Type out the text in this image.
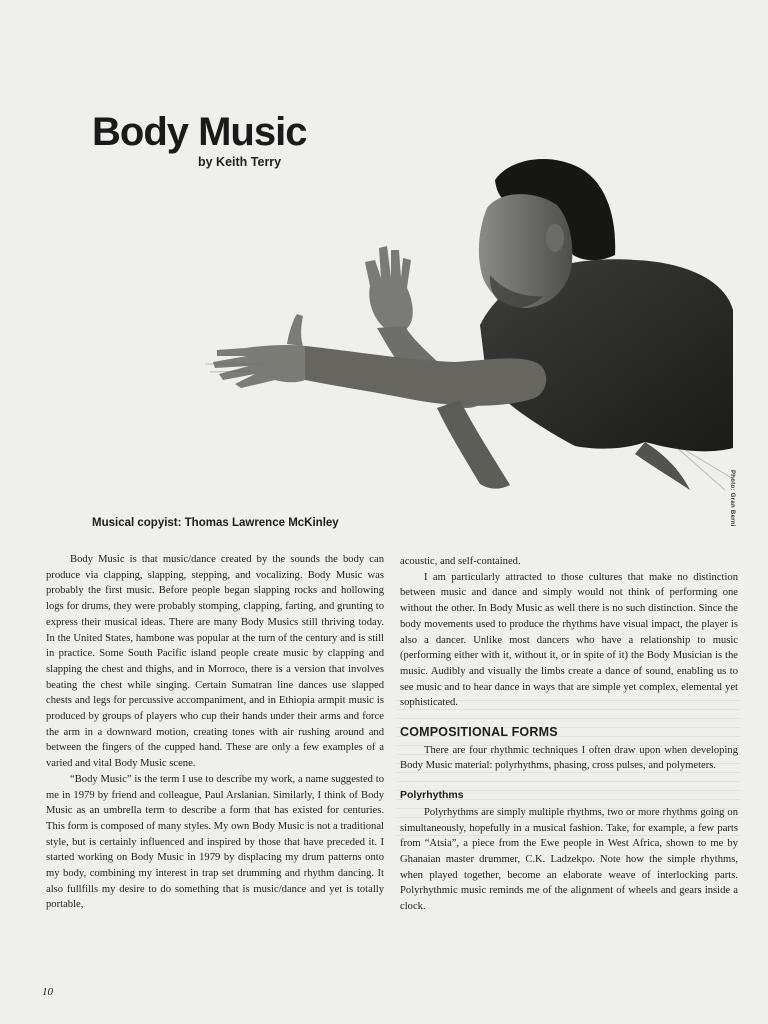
Body Music
by Keith Terry
Photo: Gran Berni
Musical copyist: Thomas Lawrence McKinley

Body Music is that music/dance created by the sounds the body can produce via clapping, slapping, stepping, and vocalizing. Body Music was probably the first music. Before people began slapping rocks and hollowing logs for drums, they were probably stomping, clapping, farting, and grunting to express their musical ideas. There are many Body Musics still thriving today. In the United States, hambone was popular at the turn of the century and is still in practice. Some South Pacific island people create music by clapping and slapping the chest and thighs, and in Morroco, there is a version that involves beating the chest while singing. Certain Sumatran line dances use slapped chests and legs for percussive accompaniment, and in Ethiopia armpit music is produced by groups of players who cup their hands under their arms and force the arm in a downward motion, creating tones with air rushing around and between the fingers of the cupped hand. These are only a few examples of a varied and vital Body Music scene.

“Body Music” is the term I use to describe my work, a name suggested to me in 1979 by friend and colleague, Paul Arslanian. Similarly, I think of Body Music as an umbrella term to describe a form that has existed for centuries. This form is composed of many styles. My own Body Music is not a traditional style, but is certainly influenced and inspired by those that have preceded it. I started working on Body Music in 1979 by displacing my drum patterns onto my body, combining my interest in trap set drumming and rhythm dancing. It also fullfills my desire to do something that is music/dance and yet is totally portable,

acoustic, and self-contained.

I am particularly attracted to those cultures that make no distinction between music and dance and simply would not think of performing one without the other. In Body Music as well there is no such distinction. Since the body movements used to produce the rhythms have visual impact, the player is also a dancer. Unlike most dancers who have a relationship to music (performing either with it, without it, or in spite of it) the Body Musician is the music. Audibly and visually the limbs create a dance of sound, enabling us to see music and to hear dance in ways that are simple yet complex, elemental yet sophisticated.

COMPOSITIONAL FORMS

There are four rhythmic techniques I often draw upon when developing Body Music material: polyrhythms, phasing, cross pulses, and polymeters.

Polyrhythms

Polyrhythms are simply multiple rhythms, two or more rhythms going on simultaneously, hopefully in a musical fashion. Take, for example, a few parts from “Atsia”, a piece from the Ewe people in West Africa, shown to me by Ghanaian master drummer, C.K. Ladzekpo. Note how the simple rhythms, when played together, become an elaborate weave of interlocking parts. Polyrhythmic music reminds me of the alignment of wheels and gears inside a clock.

10
